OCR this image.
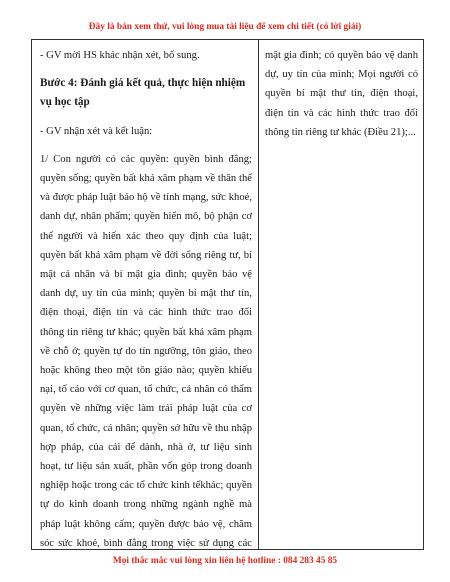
Đây là bản xem thử, vui lòng mua tài liệu để xem chi tiết (có lời giải)

- GV mời HS khác nhận xét, bổ sung.

Bước 4: Đánh giá kết quả, thực hiện nhiệm vụ học tập

- GV nhận xét và kết luận:

1/ Con người có các quyền: quyền bình đẳng; quyền sống; quyền bất khả xâm phạm về thân thể và được pháp luật bảo hộ về tính mạng, sức khoẻ, danh dự, nhân phẩm; quyền hiến mô, bộ phận cơ thể người và hiến xác theo quy định của luật; quyền bất khả xâm phạm về đời sống riêng tư, bí mật cá nhân và bí mật gia đình; quyền bảo vệ danh dự, uy tín của mình; quyền bí mật thư tín, điện thoại, điện tín và các hình thức trao đổi thông tin riêng tư khác; quyền bất khả xâm phạm về chỗ ở; quyền tự do tín ngưỡng, tôn giáo, theo hoặc không theo một tôn giáo nào; quyền khiếu nại, tố cáo với cơ quan, tổ chức, cá nhân có thẩm quyền về những việc làm trái pháp luật của cơ quan, tổ chức, cá nhân; quyền sở hữu về thu nhập hợp pháp, của cải để dành, nhà ở, tư liệu sinh hoạt, tư liệu sản xuất, phần vốn góp trong doanh nghiệp hoặc trong các tổ chức kinh tếkhác; quyền tự do kinh doanh trong những ngành nghề mà pháp luật không cấm; quyền được bảo vệ, chăm sóc sức khoẻ, bình đẳng trong việc sử dụng các

mật gia đình; có quyền bảo vệ danh dự, uy tín của mình; Mọi người có quyền bí mật thư tín, điện thoại, điện tín và các hình thức trao đổi thông tin riêng tư khác (Điều 21);...

Mọi thắc mắc vui lòng xin liên hệ hotline : 084 283 45 85
